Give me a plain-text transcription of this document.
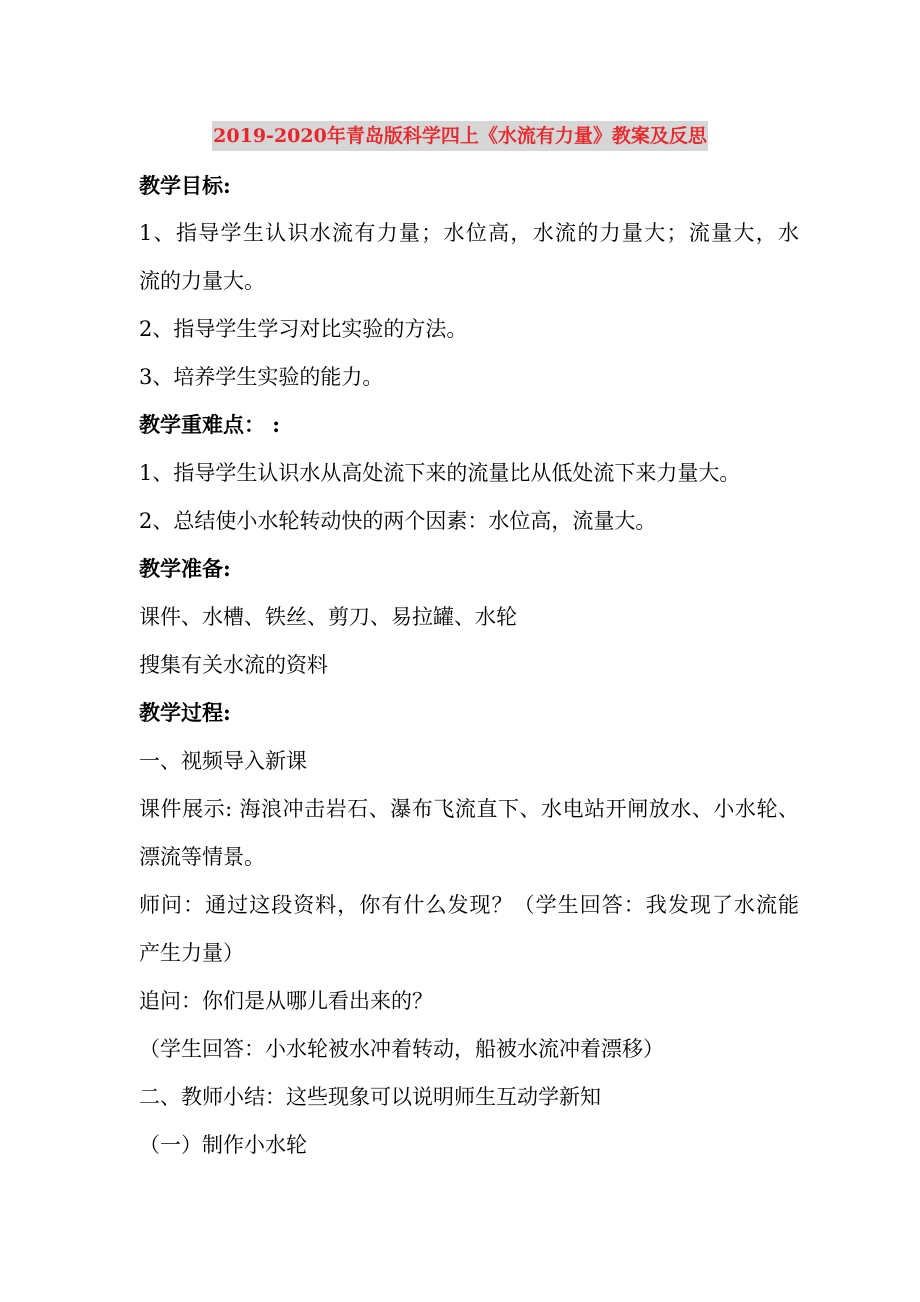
2019-2020年青岛版科学四上《水流有力量》教案及反思
教学目标:
1、指导学生认识水流有力量；水位高，水流的力量大；流量大，水
流的力量大。
2、指导学生学习对比实验的方法。
3、培养学生实验的能力。
教学重难点： :
1、指导学生认识水从高处流下来的流量比从低处流下来力量大。
2、总结使小水轮转动快的两个因素：水位高，流量大。
教学准备:
课件、水槽、铁丝、剪刀、易拉罐、水轮
搜集有关水流的资料
教学过程:
一、视频导入新课
课件展示: 海浪冲击岩石、瀑布飞流直下、水电站开闸放水、小水轮、
漂流等情景。
师问：通过这段资料，你有什么发现？（学生回答：我发现了水流能
产生力量）
追问：你们是从哪儿看出来的？
（学生回答：小水轮被水冲着转动，船被水流冲着漂移）
二、教师小结：这些现象可以说明师生互动学新知
（一）制作小水轮
